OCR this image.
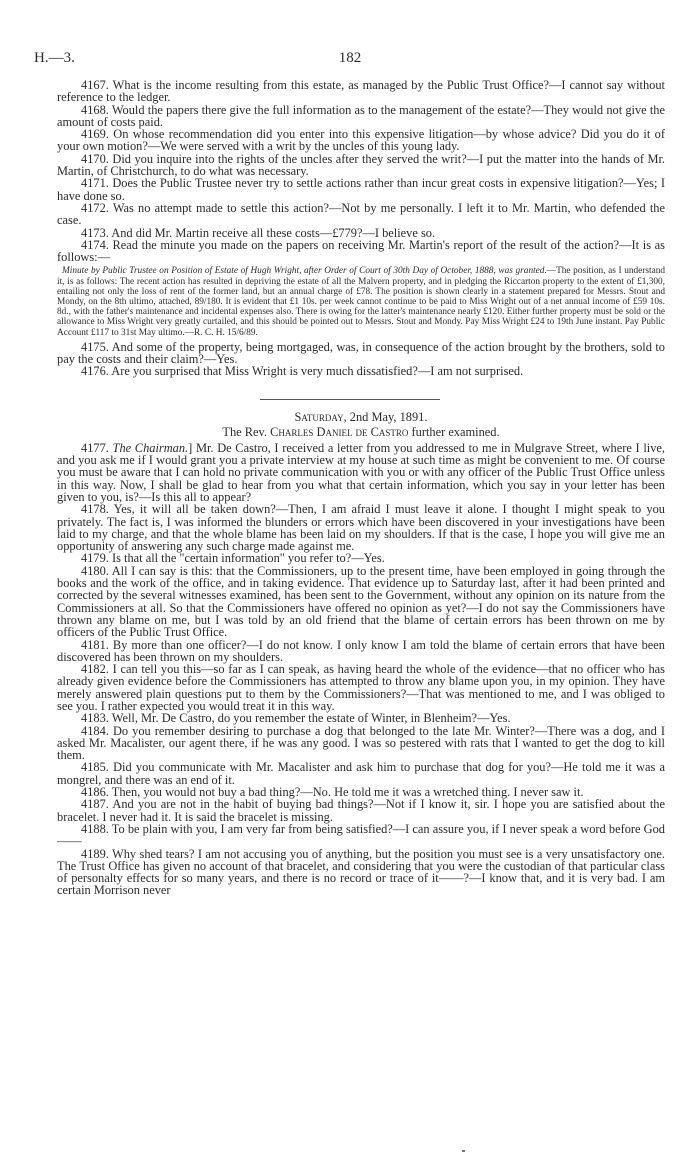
H.—3.	182

4167. What is the income resulting from this estate, as managed by the Public Trust Office?—I cannot say without reference to the ledger.

4168. Would the papers there give the full information as to the management of the estate?—They would not give the amount of costs paid.

4169. On whose recommendation did you enter into this expensive litigation—by whose advice? Did you do it of your own motion?—We were served with a writ by the uncles of this young lady.

4170. Did you inquire into the rights of the uncles after they served the writ?—I put the matter into the hands of Mr. Martin, of Christchurch, to do what was necessary.

4171. Does the Public Trustee never try to settle actions rather than incur great costs in expensive litigation?—Yes; I have done so.

4172. Was no attempt made to settle this action?—Not by me personally. I left it to Mr. Martin, who defended the case.

4173. And did Mr. Martin receive all these costs—£779?—I believe so.

4174. Read the minute you made on the papers on receiving Mr. Martin's report of the result of the action?—It is as follows:—

Minute by Public Trustee on Position of Estate of Hugh Wright, after Order of Court of 30th Day of October, 1888, was granted.—The position, as I understand it, is as follows: The recent action has resulted in depriving the estate of all the Malvern property, and in pledging the Riccarton property to the extent of £1,300, entailing not only the loss of rent of the former land, but an annual charge of £78. The position is shown clearly in a statement prepared for Messrs. Stout and Mondy, on the 8th ultimo, attached, 89/180. It is evident that £1 10s. per week cannot continue to be paid to Miss Wright out of a net annual income of £59 10s. 8d., with the father's maintenance and incidental expenses also. There is owing for the latter's maintenance nearly £120. Either further property must be sold or the allowance to Miss Wright very greatly curtailed, and this should be pointed out to Messrs. Stout and Mondy. Pay Miss Wright £24 to 19th June instant. Pay Public Account £117 to 31st May ultimo.—R. C. H. 15/6/89.

4175. And some of the property, being mortgaged, was, in consequence of the action brought by the brothers, sold to pay the costs and their claim?—Yes.

4176. Are you surprised that Miss Wright is very much dissatisfied?—I am not surprised.

Saturday, 2nd May, 1891.

The Rev. Charles Daniel de Castro further examined.

4177. The Chairman.] Mr. De Castro, I received a letter from you addressed to me in Mulgrave Street, where I live, and you ask me if I would grant you a private interview at my house at such time as might be convenient to me. Of course you must be aware that I can hold no private communication with you or with any officer of the Public Trust Office unless in this way. Now, I shall be glad to hear from you what that certain information, which you say in your letter has been given to you, is?—Is this all to appear?

4178. Yes, it will all be taken down?—Then, I am afraid I must leave it alone. I thought I might speak to you privately. The fact is, I was informed the blunders or errors which have been discovered in your investigations have been laid to my charge, and that the whole blame has been laid on my shoulders. If that is the case, I hope you will give me an opportunity of answering any such charge made against me.

4179. Is that all the "certain information" you refer to?—Yes.

4180. All I can say is this: that the Commissioners, up to the present time, have been employed in going through the books and the work of the office, and in taking evidence. That evidence up to Saturday last, after it had been printed and corrected by the several witnesses examined, has been sent to the Government, without any opinion on its nature from the Commissioners at all. So that the Commissioners have offered no opinion as yet?—I do not say the Commissioners have thrown any blame on me, but I was told by an old friend that the blame of certain errors has been thrown on me by officers of the Public Trust Office.

4181. By more than one officer?—I do not know. I only know I am told the blame of certain errors that have been discovered has been thrown on my shoulders.

4182. I can tell you this—so far as I can speak, as having heard the whole of the evidence—that no officer who has already given evidence before the Commissioners has attempted to throw any blame upon you, in my opinion. They have merely answered plain questions put to them by the Commissioners?—That was mentioned to me, and I was obliged to see you. I rather expected you would treat it in this way.

4183. Well, Mr. De Castro, do you remember the estate of Winter, in Blenheim?—Yes.

4184. Do you remember desiring to purchase a dog that belonged to the late Mr. Winter?—There was a dog, and I asked Mr. Macalister, our agent there, if he was any good. I was so pestered with rats that I wanted to get the dog to kill them.

4185. Did you communicate with Mr. Macalister and ask him to purchase that dog for you?—He told me it was a mongrel, and there was an end of it.

4186. Then, you would not buy a bad thing?—No. He told me it was a wretched thing. I never saw it.

4187. And you are not in the habit of buying bad things?—Not if I know it, sir. I hope you are satisfied about the bracelet. I never had it. It is said the bracelet is missing.

4188. To be plain with you, I am very far from being satisfied?—I can assure you, if I never speak a word before God——

4189. Why shed tears? I am not accusing you of anything, but the position you must see is a very unsatisfactory one. The Trust Office has given no account of that bracelet, and considering that you were the custodian of that particular class of personalty effects for so many years, and there is no record or trace of it——?—I know that, and it is very bad. I am certain Morrison never
